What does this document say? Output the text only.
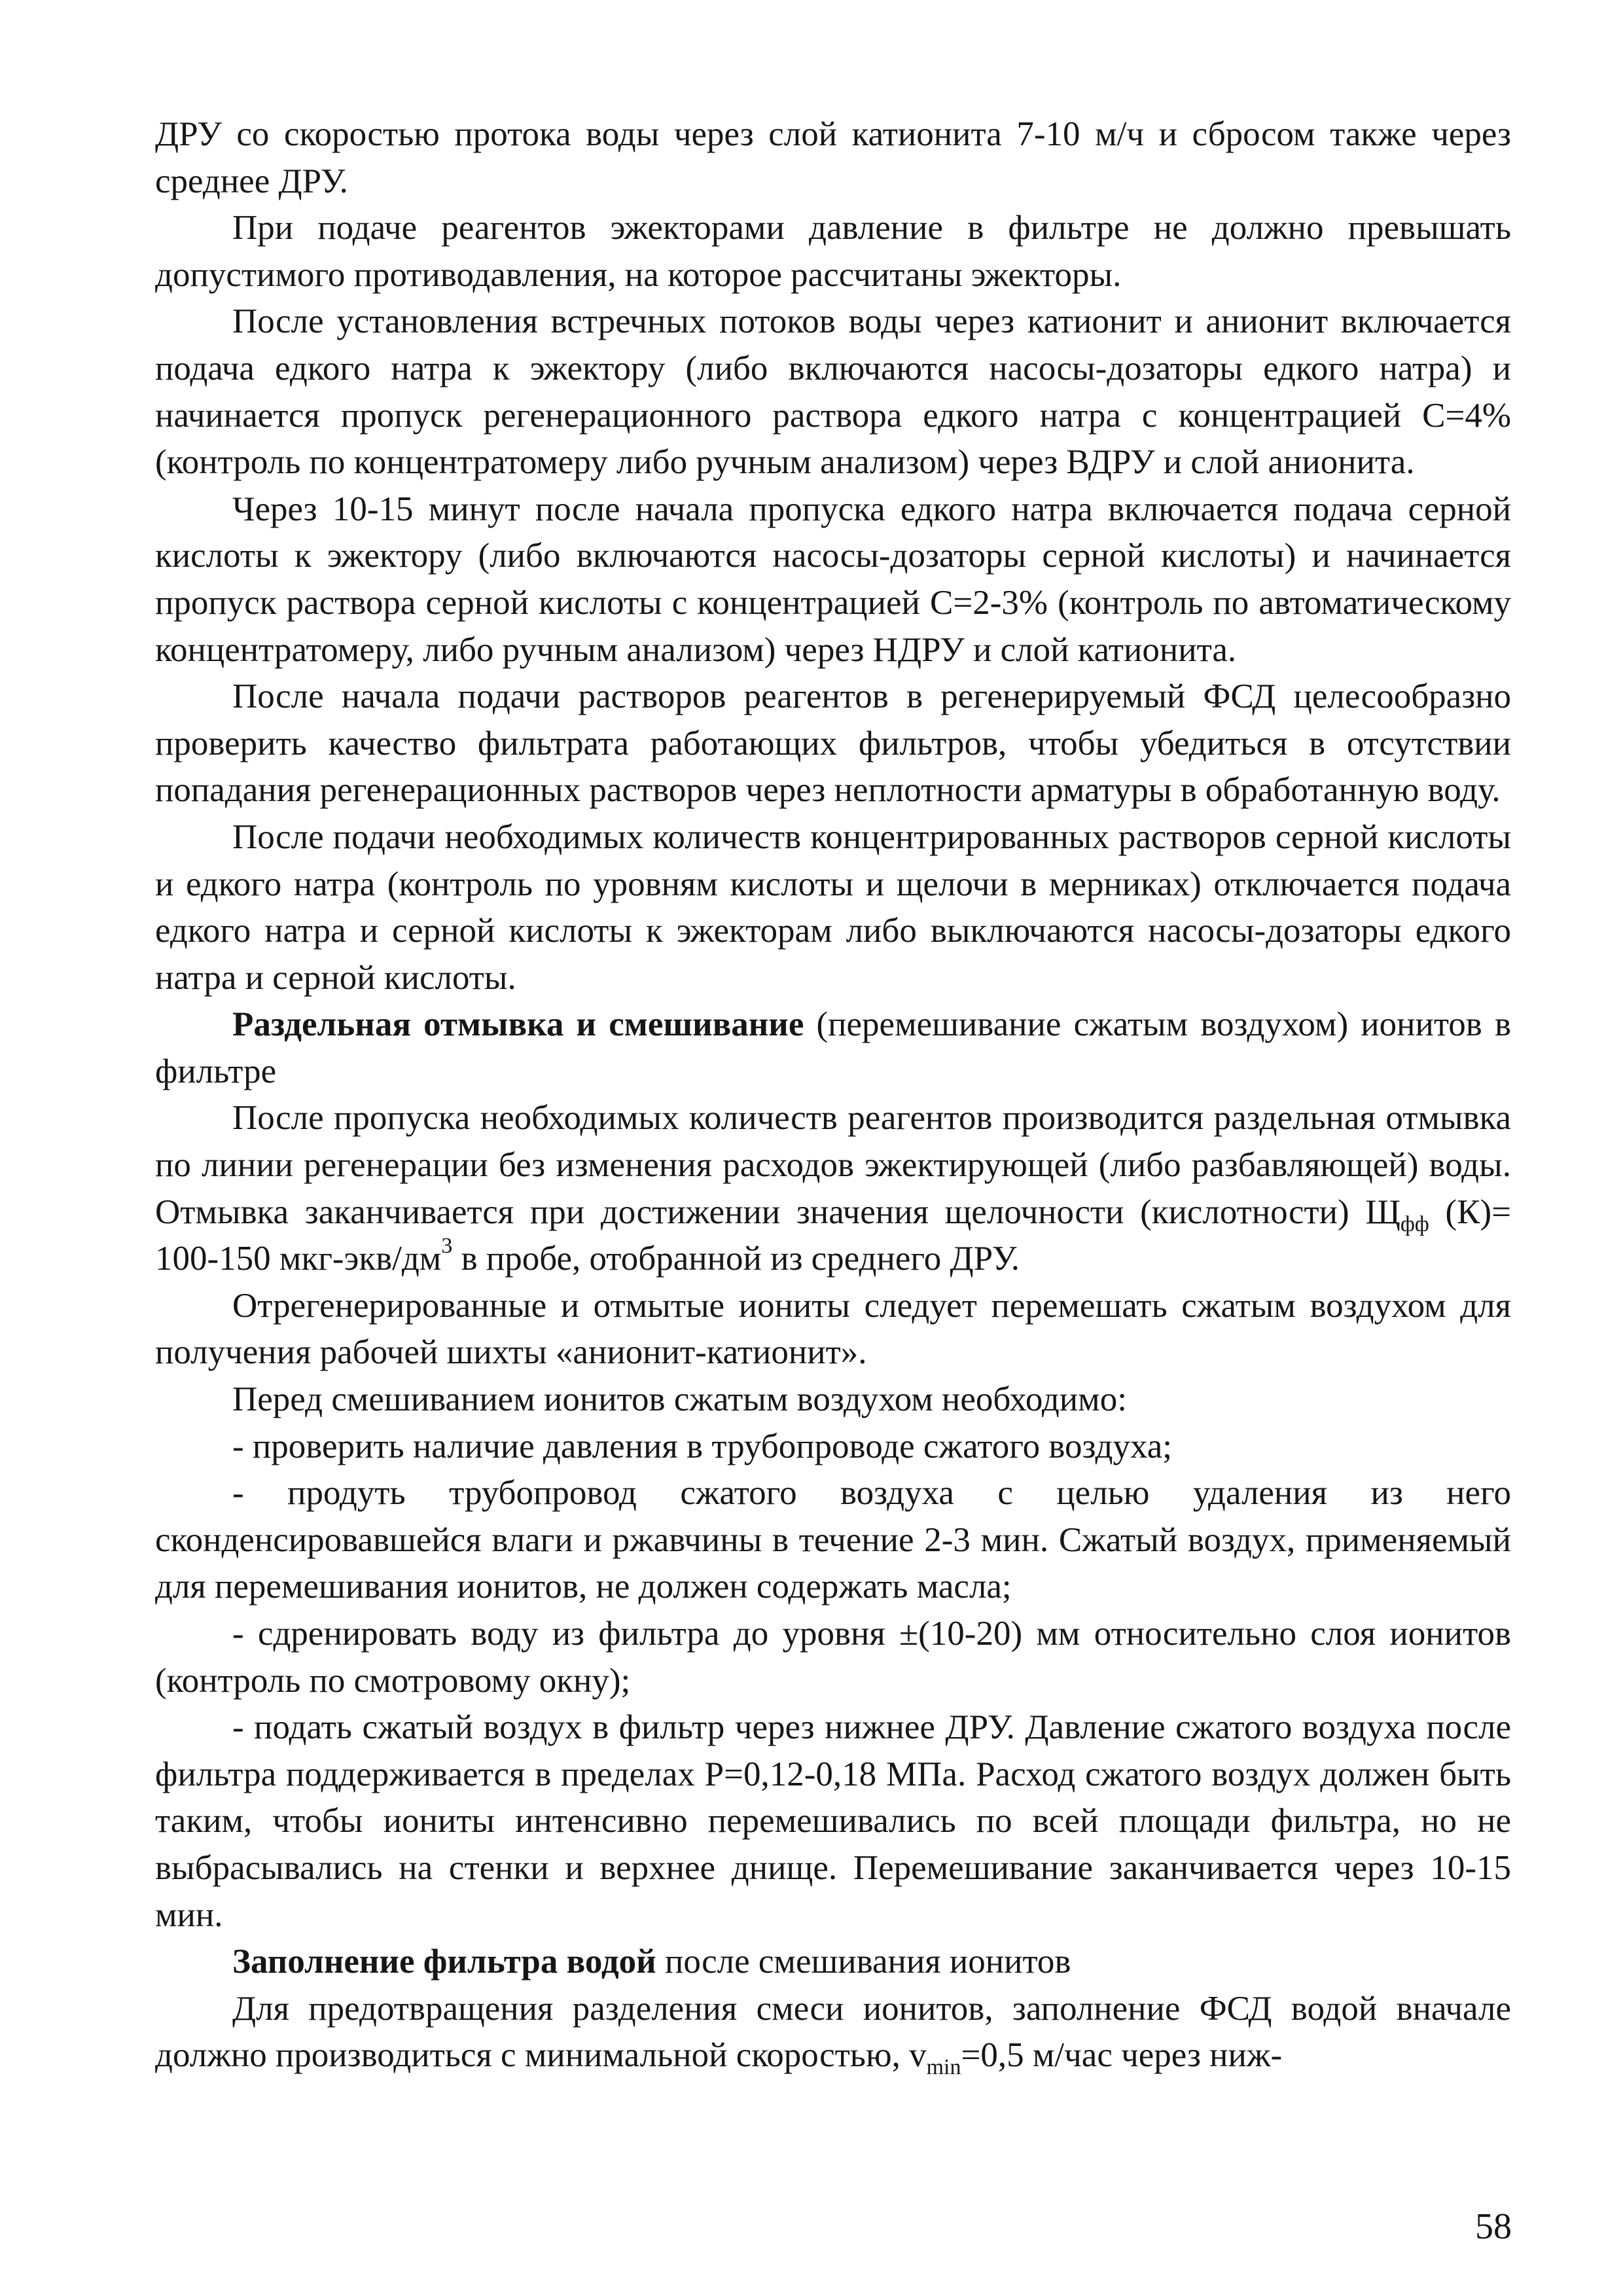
ДРУ со скоростью протока воды через слой катионита 7-10 м/ч и сбросом также через среднее ДРУ.

При подаче реагентов эжекторами давление в фильтре не должно превышать допустимого противодавления, на которое рассчитаны эжекторы.

После установления встречных потоков воды через катионит и анионит включается подача едкого натра к эжектору (либо включаются насосы-дозаторы едкого натра) и начинается пропуск регенерационного раствора едкого натра с концентрацией С=4% (контроль по концентратомеру либо ручным анализом) через ВДРУ и слой анионита.

Через 10-15 минут после начала пропуска едкого натра включается подача серной кислоты к эжектору (либо включаются насосы-дозаторы серной кислоты) и начинается пропуск раствора серной кислоты с концентрацией С=2-3% (контроль по автоматическому концентратомеру, либо ручным анализом) через НДРУ и слой катионита.

После начала подачи растворов реагентов в регенерируемый ФСД целесообразно проверить качество фильтрата работающих фильтров, чтобы убедиться в отсутствии попадания регенерационных растворов через неплотности арматуры в обработанную воду.

После подачи необходимых количеств концентрированных растворов серной кислоты и едкого натра (контроль по уровням кислоты и щелочи в мерниках) отключается подача едкого натра и серной кислоты к эжекторам либо выключаются насосы-дозаторы едкого натра и серной кислоты.

Раздельная отмывка и смешивание (перемешивание сжатым воздухом) ионитов в фильтре

После пропуска необходимых количеств реагентов производится раздельная отмывка по линии регенерации без изменения расходов эжектирующей (либо разбавляющей) воды. Отмывка заканчивается при достижении значения щелочности (кислотности) $Щ_{фф}$ (К)= 100-150 мкг-$экв/дм^3$ в пробе, отобранной из среднего ДРУ.

Отрегенерированные и отмытые иониты следует перемешать сжатым воздухом для получения рабочей шихты «анионит-катионит».

Перед смешиванием ионитов сжатым воздухом необходимо:

- проверить наличие давления в трубопроводе сжатого воздуха;

- продуть трубопровод сжатого воздуха с целью удаления из него сконденсировавшейся влаги и ржавчины в течение 2-3 мин. Сжатый воздух, применяемый для перемешивания ионитов, не должен содержать масла;

- сдренировать воду из фильтра до уровня ±(10-20) мм относительно слоя ионитов (контроль по смотровому окну);

- подать сжатый воздух в фильтр через нижнее ДРУ. Давление сжатого воздуха после фильтра поддерживается в пределах Р=0,12-0,18 МПа. Расход сжатого воздух должен быть таким, чтобы иониты интенсивно перемешивались по всей площади фильтра, но не выбрасывались на стенки и верхнее днище. Перемешивание заканчивается через 10-15 мин.

Заполнение фильтра водой после смешивания ионитов

Для предотвращения разделения смеси ионитов, заполнение ФСД водой вначале должно производиться с минимальной скоростью, $v_{min}=0,5$ м/час через ниж-

58
